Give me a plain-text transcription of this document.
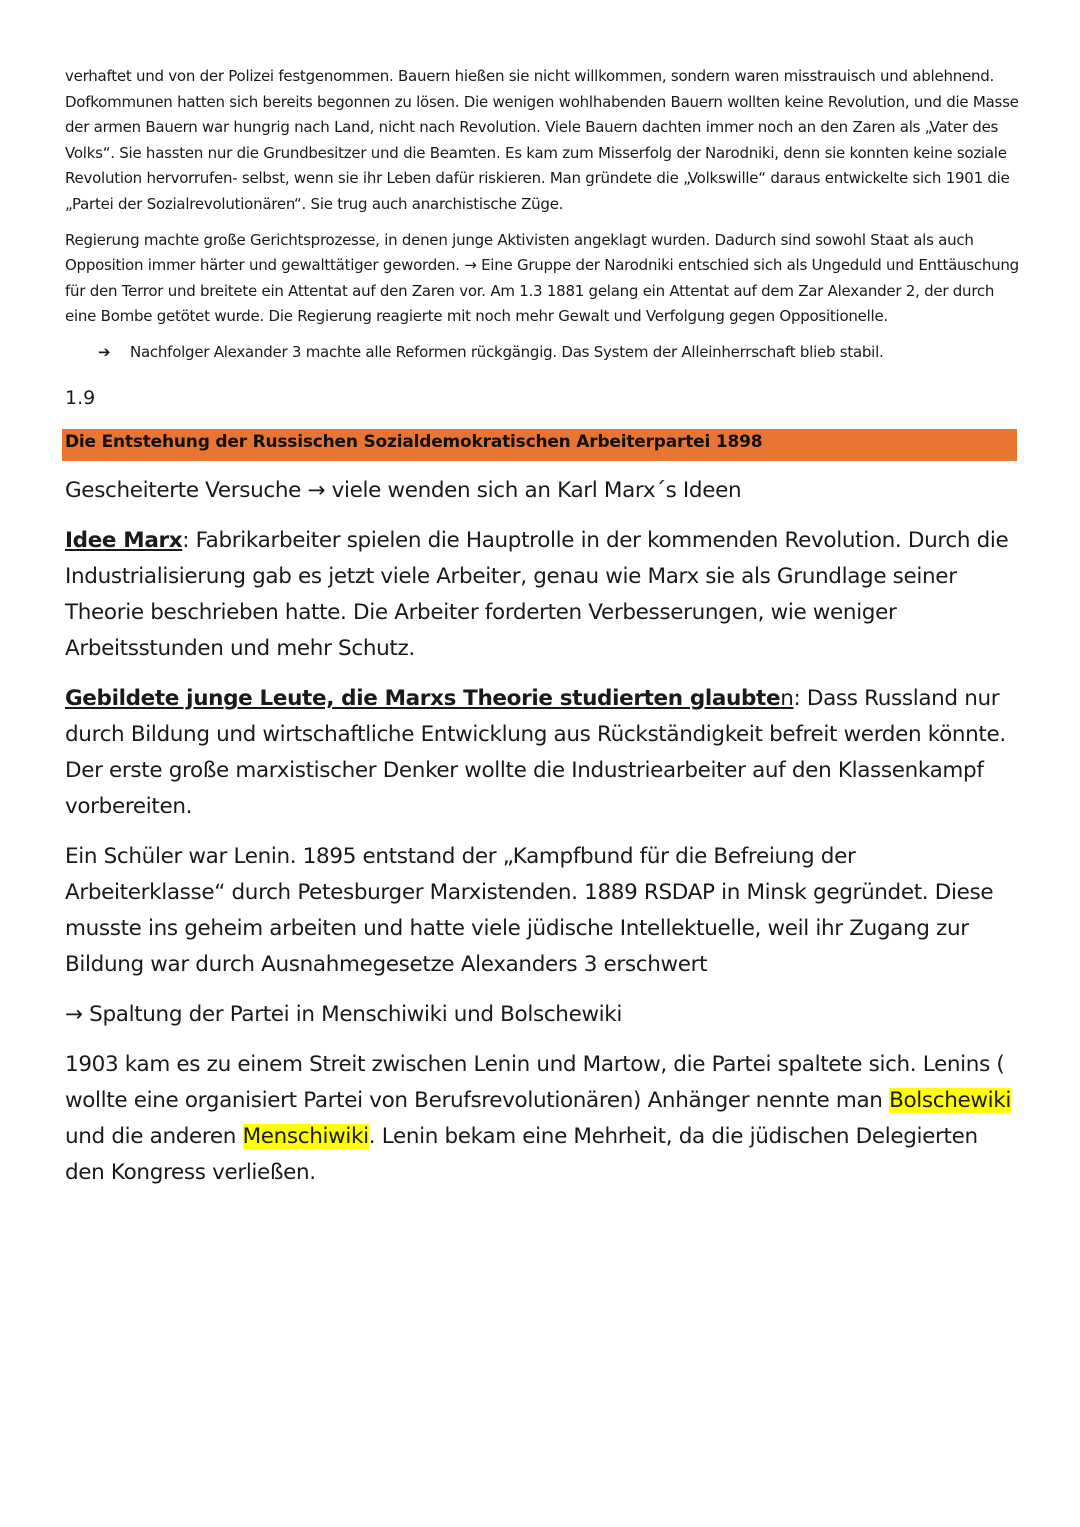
verhaftet und von der Polizei festgenommen. Bauern hießen sie nicht willkommen, sondern waren misstrauisch und ablehnend. Dofkommunen hatten sich bereits begonnen zu lösen. Die wenigen wohlhabenden Bauern wollten keine Revolution, und die Masse der armen Bauern war hungrig nach Land, nicht nach Revolution. Viele Bauern dachten immer noch an den Zaren als „Vater des Volks“. Sie hassten nur die Grundbesitzer und die Beamten. Es kam zum Misserfolg der Narodniki, denn sie konnten keine soziale Revolution hervorrufen- selbst, wenn sie ihr Leben dafür riskieren. Man gründete die „Volkswille“ daraus entwickelte sich 1901 die „Partei der Sozialrevolutionären“. Sie trug auch anarchistische Züge.

Regierung machte große Gerichtsprozesse, in denen junge Aktivisten angeklagt wurden. Dadurch sind sowohl Staat als auch Opposition immer härter und gewalttätiger geworden. → Eine Gruppe der Narodniki entschied sich als Ungeduld und Enttäuschung für den Terror und breitete ein Attentat auf den Zaren vor. Am 1.3 1881 gelang ein Attentat auf dem Zar Alexander 2, der durch eine Bombe getötet wurde. Die Regierung reagierte mit noch mehr Gewalt und Verfolgung gegen Oppositionelle.

➔ Nachfolger Alexander 3 machte alle Reformen rückgängig. Das System der Alleinherrschaft blieb stabil.
1.9
Die Entstehung der Russischen Sozialdemokratischen Arbeiterpartei 1898

Gescheiterte Versuche → viele wenden sich an Karl Marx´s Ideen

Idee Marx: Fabrikarbeiter spielen die Hauptrolle in der kommenden Revolution. Durch die Industrialisierung gab es jetzt viele Arbeiter, genau wie Marx sie als Grundlage seiner Theorie beschrieben hatte. Die Arbeiter forderten Verbesserungen, wie weniger Arbeitsstunden und mehr Schutz.

Gebildete junge Leute, die Marxs Theorie studierten glaubten: Dass Russland nur durch Bildung und wirtschaftliche Entwicklung aus Rückständigkeit befreit werden könnte. Der erste große marxistischer Denker wollte die Industriearbeiter auf den Klassenkampf vorbereiten.

Ein Schüler war Lenin. 1895 entstand der „Kampfbund für die Befreiung der Arbeiterklasse“ durch Petesburger Marxistenden. 1889 RSDAP in Minsk gegründet. Diese musste ins geheim arbeiten und hatte viele jüdische Intellektuelle, weil ihr Zugang zur Bildung war durch Ausnahmegesetze Alexanders 3 erschwert

→ Spaltung der Partei in Menschiwiki und Bolschewiki

1903 kam es zu einem Streit zwischen Lenin und Martow, die Partei spaltete sich. Lenins ( wollte eine organisiert Partei von Berufsrevolutionären) Anhänger nennte man Bolschewiki und die anderen Menschiwiki. Lenin bekam eine Mehrheit, da die jüdischen Delegierten den Kongress verließen.
